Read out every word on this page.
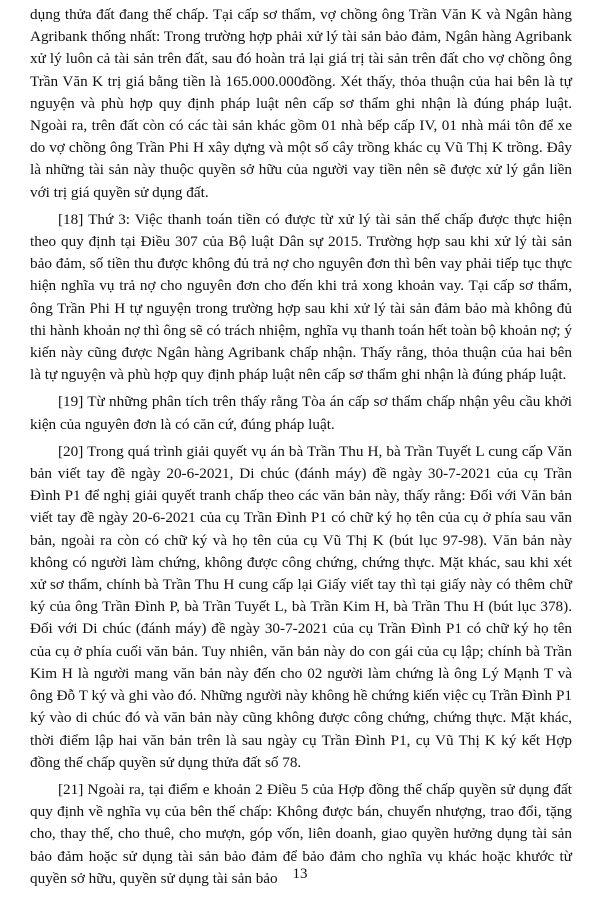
dụng thửa đất đang thế chấp. Tại cấp sơ thẩm, vợ chồng ông Trần Văn K và Ngân hàng Agribank thống nhất: Trong trường hợp phải xử lý tài sản bảo đảm, Ngân hàng Agribank xử lý luôn cả tài sản trên đất, sau đó hoàn trả lại giá trị tài sản trên đất cho vợ chồng ông Trần Văn K trị giá bằng tiền là 165.000.000đồng. Xét thấy, thỏa thuận của hai bên là tự nguyện và phù hợp quy định pháp luật nên cấp sơ thẩm ghi nhận là đúng pháp luật. Ngoài ra, trên đất còn có các tài sản khác gồm 01 nhà bếp cấp IV, 01 nhà mái tôn để xe do vợ chồng ông Trần Phi H xây dựng và một số cây trồng khác cụ Vũ Thị K trồng. Đây là những tài sản này thuộc quyền sở hữu của người vay tiền nên sẽ được xử lý gắn liền với trị giá quyền sử dụng đất.

[18] Thứ 3: Việc thanh toán tiền có được từ xử lý tài sản thế chấp được thực hiện theo quy định tại Điều 307 của Bộ luật Dân sự 2015. Trường hợp sau khi xử lý tài sản bảo đảm, số tiền thu được không đủ trả nợ cho nguyên đơn thì bên vay phải tiếp tục thực hiện nghĩa vụ trả nợ cho nguyên đơn cho đến khi trả xong khoản vay. Tại cấp sơ thẩm, ông Trần Phi H tự nguyện trong trường hợp sau khi xử lý tài sản đảm bảo mà không đủ thi hành khoản nợ thì ông sẽ có trách nhiệm, nghĩa vụ thanh toán hết toàn bộ khoản nợ; ý kiến này cũng được Ngân hàng Agribank chấp nhận. Thấy rằng, thỏa thuận của hai bên là tự nguyện và phù hợp quy định pháp luật nên cấp sơ thẩm ghi nhận là đúng pháp luật.

[19] Từ những phân tích trên thấy rằng Tòa án cấp sơ thẩm chấp nhận yêu cầu khởi kiện của nguyên đơn là có căn cứ, đúng pháp luật.

[20] Trong quá trình giải quyết vụ án bà Trần Thu H, bà Trần Tuyết L cung cấp Văn bản viết tay đề ngày 20-6-2021, Di chúc (đánh máy) đề ngày 30-7-2021 của cụ Trần Đình P1 để nghị giải quyết tranh chấp theo các văn bản này, thấy rằng: Đối với Văn bản viết tay đề ngày 20-6-2021 của cụ Trần Đình P1 có chữ ký họ tên của cụ ở phía sau văn bản, ngoài ra còn có chữ ký và họ tên của cụ Vũ Thị K (bút lục 97-98). Văn bản này không có người làm chứng, không được công chứng, chứng thực. Mặt khác, sau khi xét xử sơ thẩm, chính bà Trần Thu H cung cấp lại Giấy viết tay thì tại giấy này có thêm chữ ký của ông Trần Đình P, bà Trần Tuyết L, bà Trần Kim H, bà Trần Thu H (bút lục 378). Đối với Di chúc (đánh máy) đề ngày 30-7-2021 của cụ Trần Đình P1 có chữ ký họ tên của cụ ở phía cuối văn bản. Tuy nhiên, văn bản này do con gái của cụ lập; chính bà Trần Kim H là người mang văn bản này đến cho 02 người làm chứng là ông Lý Mạnh T và ông Đỗ T ký và ghi vào đó. Những người này không hề chứng kiến việc cụ Trần Đình P1 ký vào di chúc đó và văn bản này cũng không được công chứng, chứng thực. Mặt khác, thời điểm lập hai văn bản trên là sau ngày cụ Trần Đình P1, cụ Vũ Thị K ký kết Hợp đồng thế chấp quyền sử dụng thửa đất số 78.

[21] Ngoài ra, tại điểm e khoản 2 Điều 5 của Hợp đồng thế chấp quyền sử dụng đất quy định về nghĩa vụ của bên thế chấp: Không được bán, chuyển nhượng, trao đổi, tặng cho, thay thế, cho thuê, cho mượn, góp vốn, liên doanh, giao quyền hưởng dụng tài sản bảo đảm hoặc sử dụng tài sản bảo đảm để bảo đảm cho nghĩa vụ khác hoặc khước từ quyền sở hữu, quyền sử dụng tài sản bảo 13
